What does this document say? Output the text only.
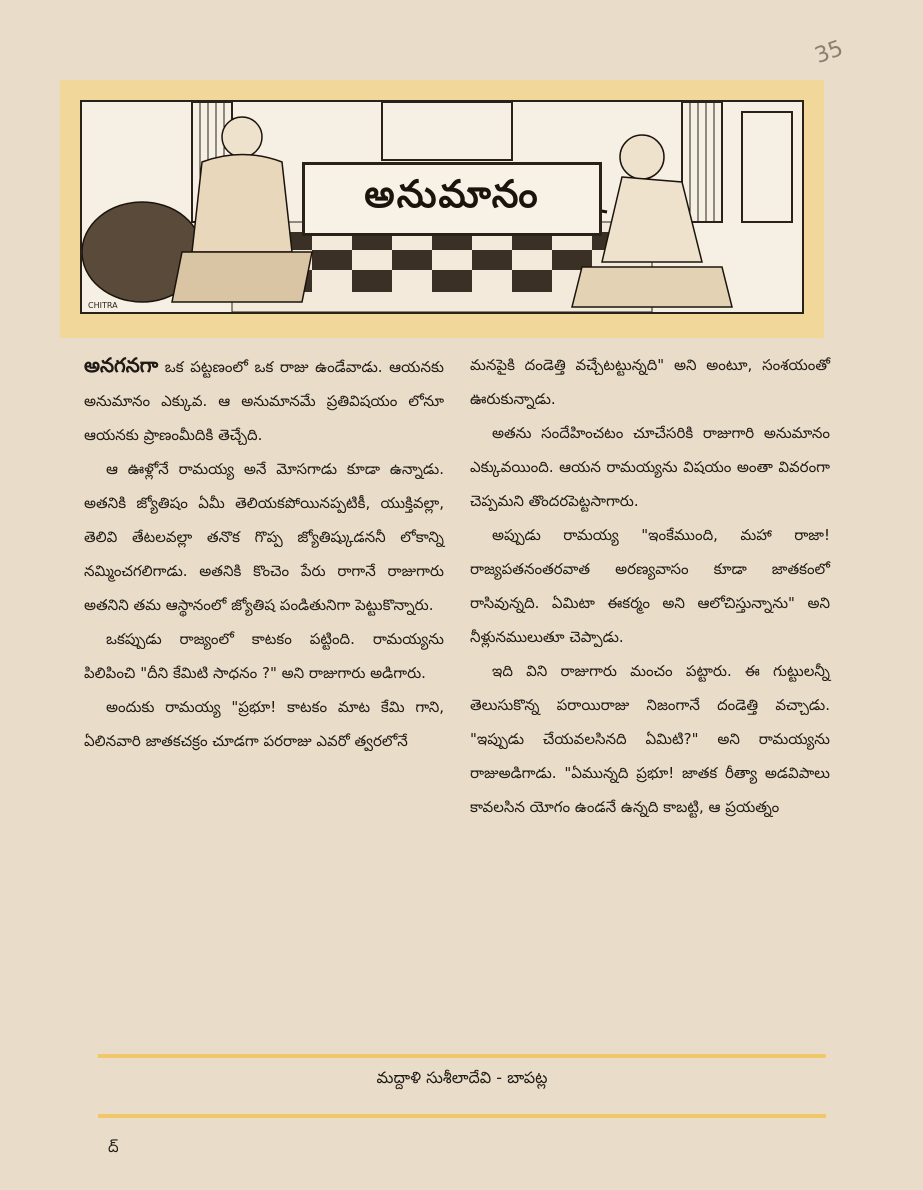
35
అనుమానం
CHITRA

అనగనగా ఒక పట్టణంలో ఒక రాజు ఉండేవాడు. ఆయనకు అనుమానం ఎక్కువ. ఆ అనుమానమే ప్రతివిషయం లోనూ ఆయనకు ప్రాణంమీదికి తెచ్చేది.

ఆ ఊళ్లోనే రామయ్య అనే మోసగాడు కూడా ఉన్నాడు. అతనికి జ్యోతిషం ఏమీ తెలియకపోయినప్పటికీ, యుక్తివల్లా, తెలివి తేటలవల్లా తనొక గొప్ప జ్యోతిష్కుడననీ లోకాన్ని నమ్మించగలిగాడు. అతనికి కొంచెం పేరు రాగానే రాజుగారు అతనిని తమ ఆస్థానంలో జ్యోతిష పండితునిగా పెట్టుకొన్నారు.

ఒకప్పుడు రాజ్యంలో కాటకం పట్టింది. రామయ్యను పిలిపించి "దీని కేమిటి సాధనం ?" అని రాజుగారు అడిగారు.

అందుకు రామయ్య "ప్రభూ! కాటకం మాట కేమి గాని, ఏలినవారి జాతకచక్రం చూడగా పరరాజు ఎవరో త్వరలోనే

మనపైకి దండెత్తి వచ్చేటట్టున్నది" అని అంటూ, సంశయంతో ఊరుకున్నాడు.

అతను సందేహించటం చూచేసరికి రాజుగారి అనుమానం ఎక్కువయింది. ఆయన రామయ్యను విషయం అంతా వివరంగా చెప్పమని తొందరపెట్టసాగారు.

అప్పుడు రామయ్య "ఇంకేముంది, మహా రాజా! రాజ్యపతనంతరవాత అరణ్యవాసం కూడా జాతకంలో రాసివున్నది. ఏమిటా ఈకర్మం అని ఆలోచిస్తున్నాను" అని నీళ్లునములుతూ చెప్పాడు.

ఇది విని రాజుగారు మంచం పట్టారు. ఈ గుట్టులన్నీ తెలుసుకొన్న పరాయిరాజు నిజంగానే దండెత్తి వచ్చాడు. "ఇప్పుడు చేయవలసినది ఏమిటి?" అని రామయ్యను రాజుఅడిగాడు. "ఏమున్నది ప్రభూ! జాతక రీత్యా అడవిపాలు కావలసిన యోగం ఉండనే ఉన్నది కాబట్టి, ఆ ప్రయత్నం

మద్దాళి సుశీలాదేవి - బాపట్ల
ద్
